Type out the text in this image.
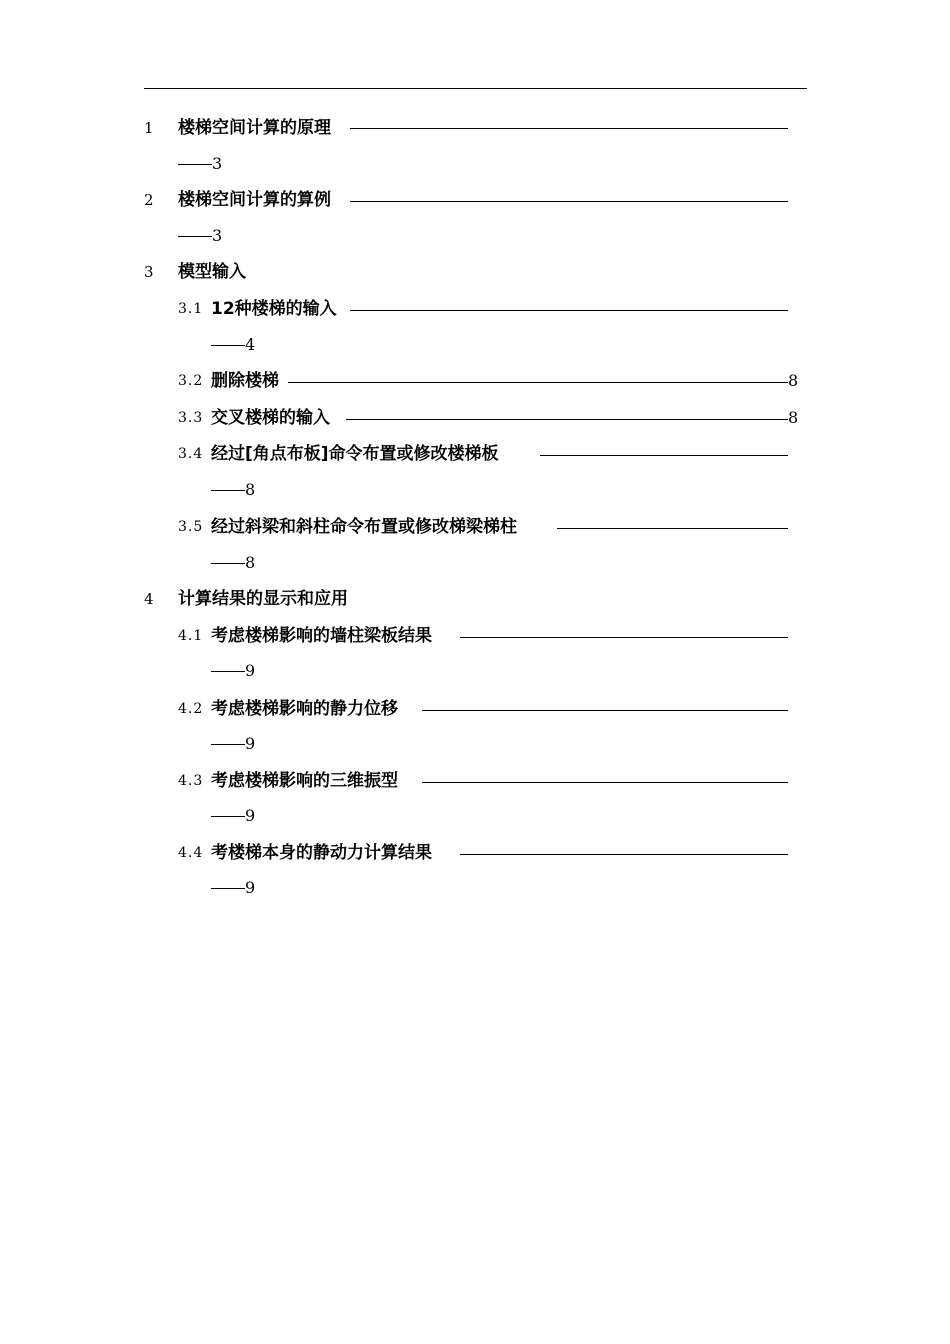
1 楼梯空间计算的原理
3
2 楼梯空间计算的算例
3
3 模型输入
3.1 12种楼梯的输入
4
3.2 删除楼梯	8
3.3 交叉楼梯的输入	8
3.4 经过[角点布板]命令布置或修改楼梯板
8
3.5 经过斜梁和斜柱命令布置或修改梯梁梯柱
8
4 计算结果的显示和应用
4.1 考虑楼梯影响的墙柱梁板结果
9
4.2 考虑楼梯影响的静力位移
9
4.3 考虑楼梯影响的三维振型
9
4.4 考楼梯本身的静动力计算结果
9
